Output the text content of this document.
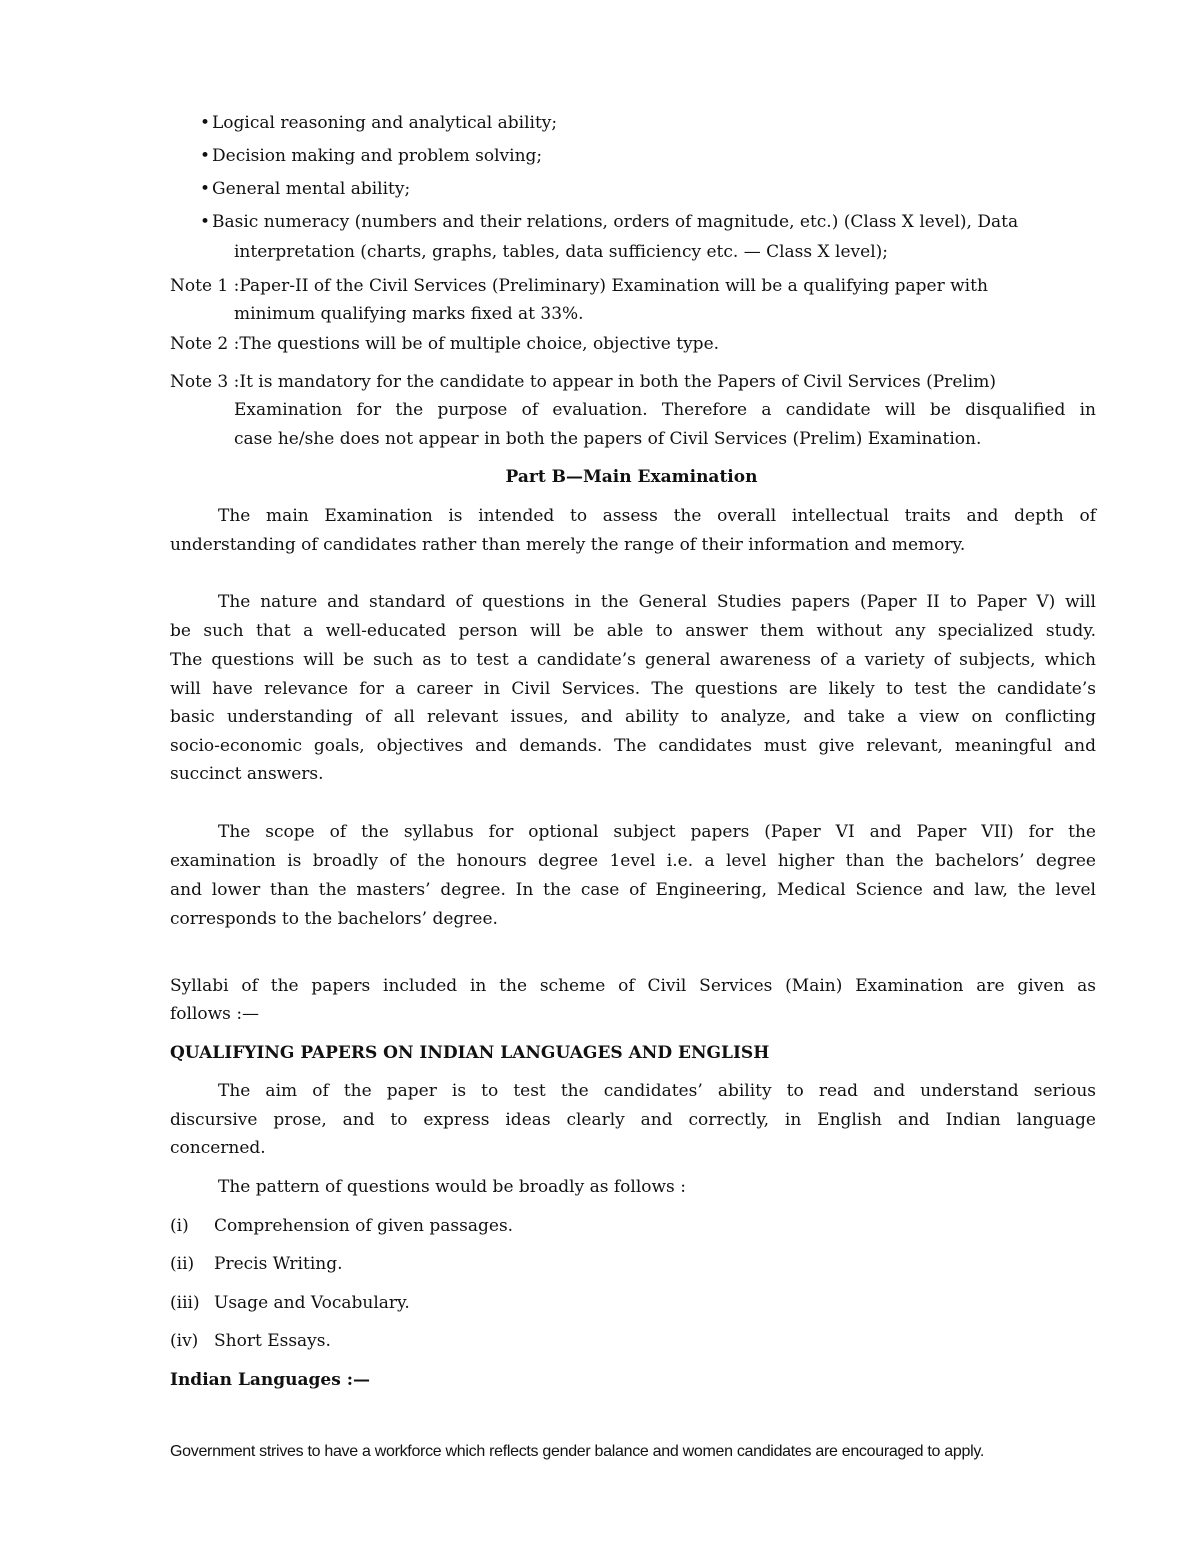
• Logical reasoning and analytical ability;
• Decision making and problem solving;
• General mental ability;
• Basic numeracy (numbers and their relations, orders of magnitude, etc.) (Class X level), Data
interpretation (charts, graphs, tables, data sufficiency etc. — Class X level);
Note 1 :Paper-II of the Civil Services (Preliminary) Examination will be a qualifying paper with
minimum qualifying marks fixed at 33%.
Note 2 :The questions will be of multiple choice, objective type.
Note 3 :It is mandatory for the candidate to appear in both the Papers of Civil Services (Prelim)
Examination for the purpose of evaluation. Therefore a candidate will be disqualified in
case he/she does not appear in both the papers of Civil Services (Prelim) Examination.
Part B—Main Examination
The main Examination is intended to assess the overall intellectual traits and depth of
understanding of candidates rather than merely the range of their information and memory.
The nature and standard of questions in the General Studies papers (Paper II to Paper V) will
be such that a well-educated person will be able to answer them without any specialized study.
The questions will be such as to test a candidate’s general awareness of a variety of subjects, which
will have relevance for a career in Civil Services. The questions are likely to test the candidate’s
basic understanding of all relevant issues, and ability to analyze, and take a view on conflicting
socio-economic goals, objectives and demands. The candidates must give relevant, meaningful and
succinct answers.
The scope of the syllabus for optional subject papers (Paper VI and Paper VII) for the
examination is broadly of the honours degree 1evel i.e. a level higher than the bachelors’ degree
and lower than the masters’ degree. In the case of Engineering, Medical Science and law, the level
corresponds to the bachelors’ degree.
Syllabi of the papers included in the scheme of Civil Services (Main) Examination are given as
follows :—
QUALIFYING PAPERS ON INDIAN LANGUAGES AND ENGLISH
The aim of the paper is to test the candidates’ ability to read and understand serious
discursive prose, and to express ideas clearly and correctly, in English and Indian language
concerned.
The pattern of questions would be broadly as follows :
(i) Comprehension of given passages.
(ii) Precis Writing.
(iii) Usage and Vocabulary.
(iv) Short Essays.
Indian Languages :—
Government strives to have a workforce which reflects gender balance and women candidates are encouraged to apply.
